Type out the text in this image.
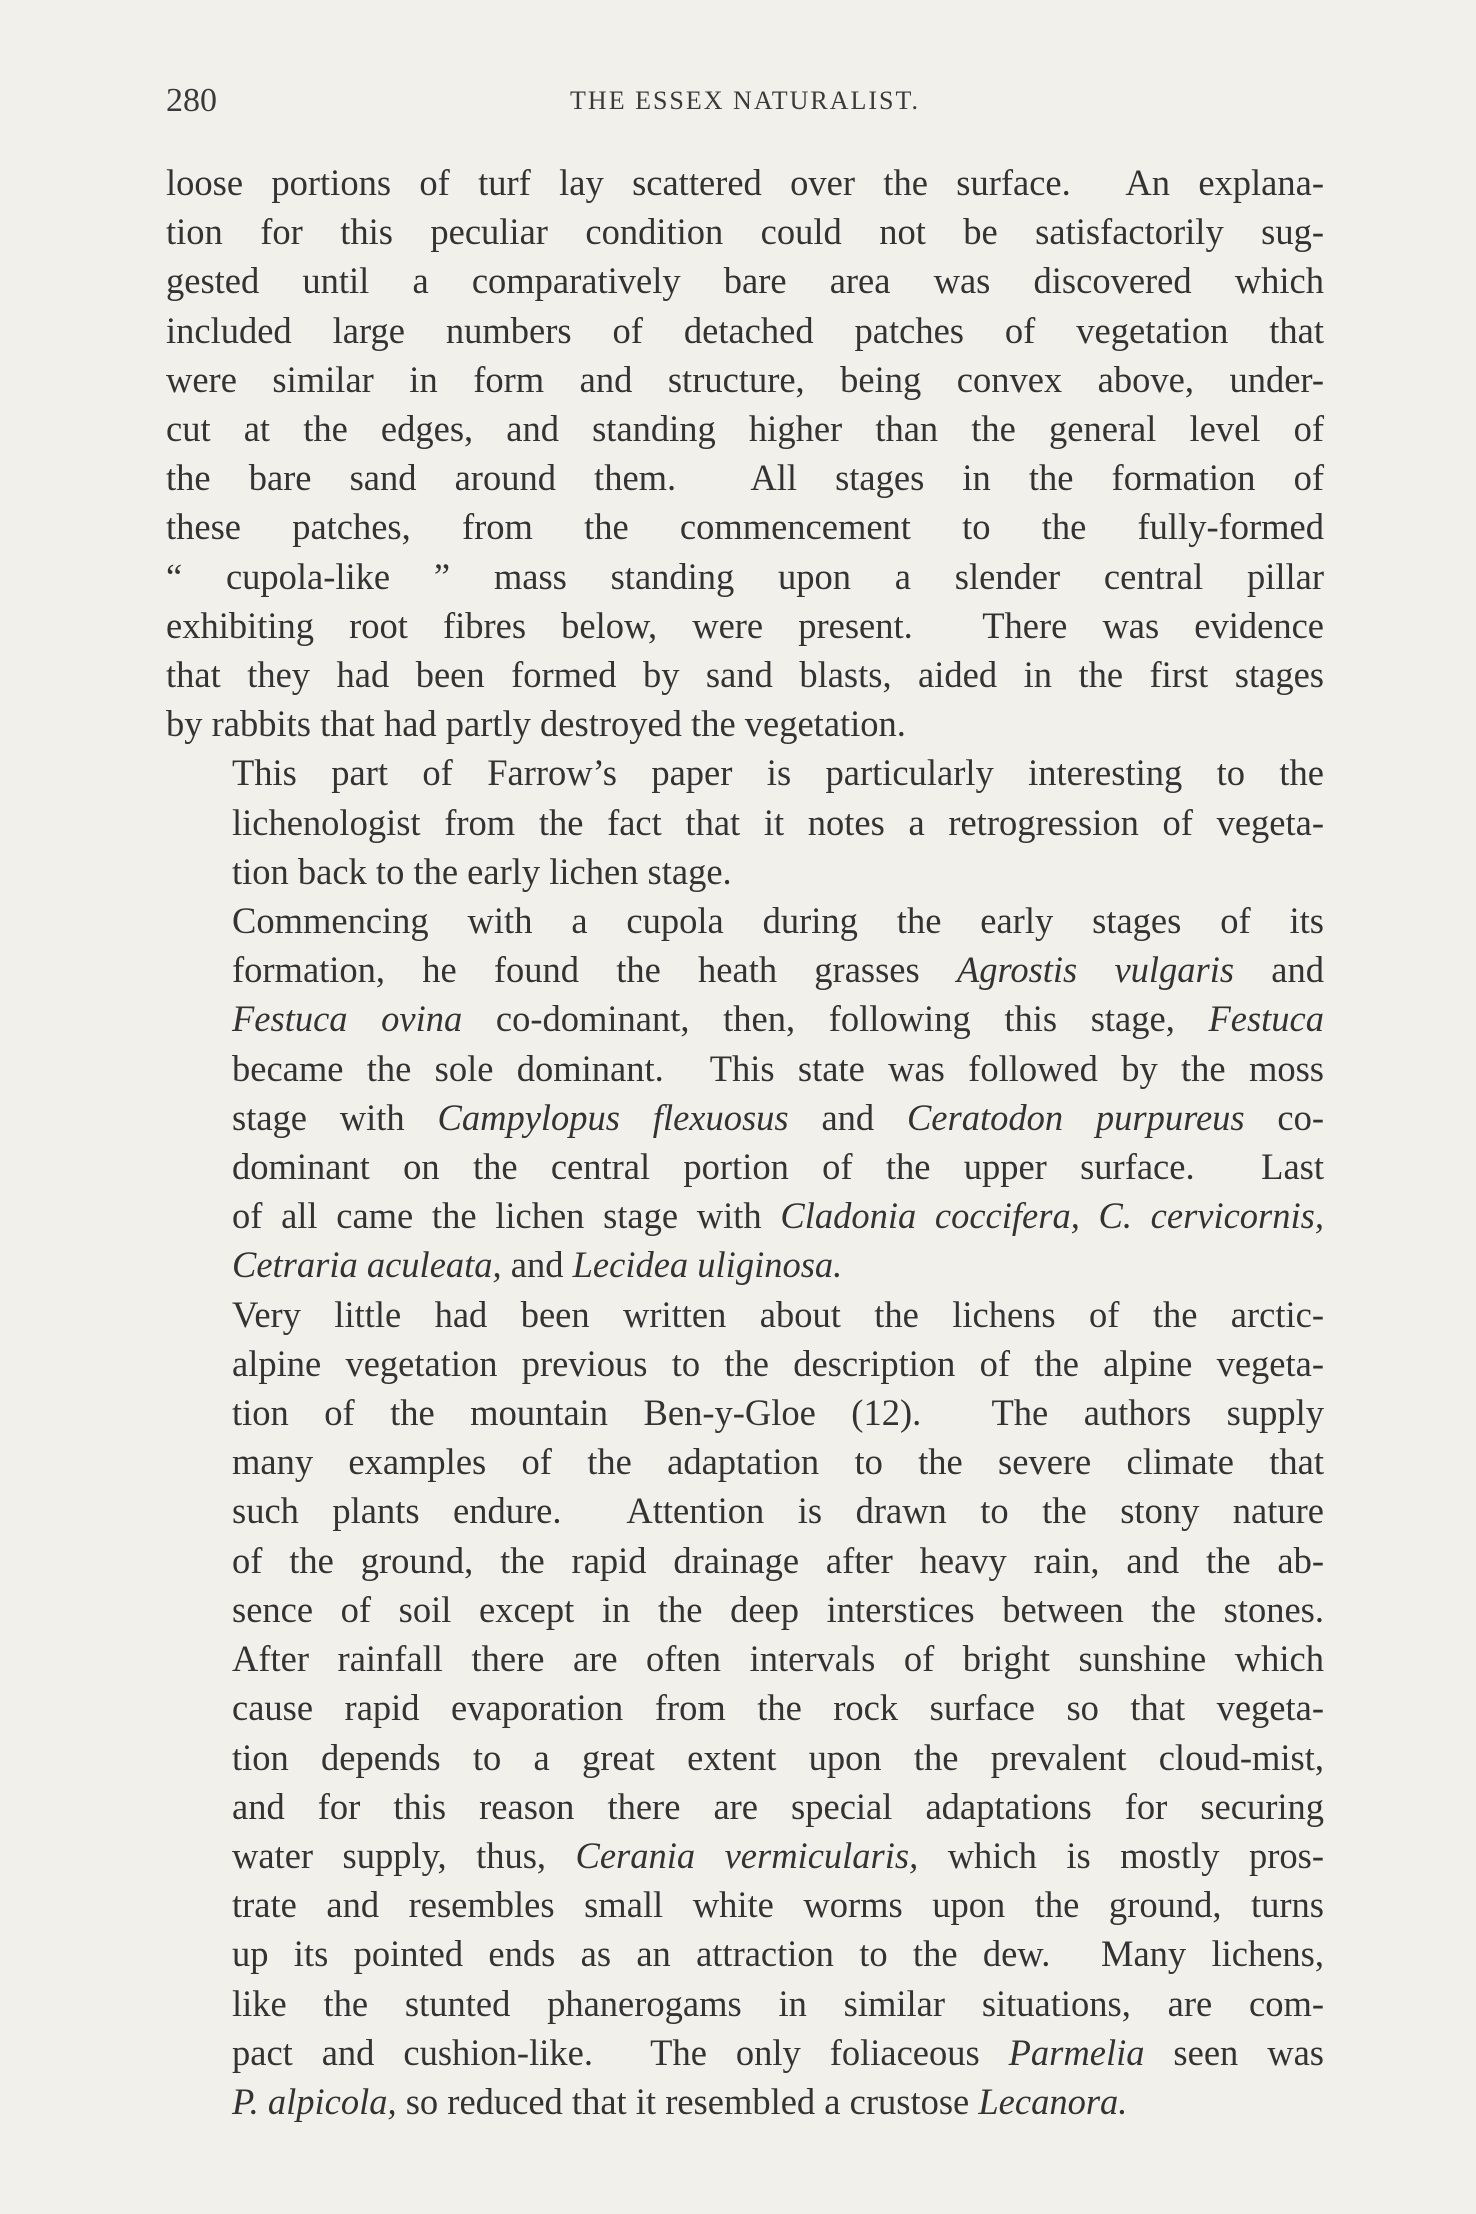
280	THE ESSEX NATURALIST.

loose portions of turf lay scattered over the surface.  An explana-
tion for this peculiar condition could not be satisfactorily sug-
gested until a comparatively bare area was discovered which
included large numbers of detached patches of vegetation that
were similar in form and structure, being convex above, under-
cut at the edges, and standing higher than the general level of
the bare sand around them.  All stages in the formation of
these patches, from the commencement to the fully-formed
“ cupola-like ” mass standing upon a slender central pillar
exhibiting root fibres below, were present.  There was evidence
that they had been formed by sand blasts, aided in the first stages
by rabbits that had partly destroyed the vegetation.

This part of Farrow’s paper is particularly interesting to the
lichenologist from the fact that it notes a retrogression of vegeta-
tion back to the early lichen stage.

Commencing with a cupola during the early stages of its
formation, he found the heath grasses Agrostis vulgaris and
Festuca ovina co-dominant, then, following this stage, Festuca
became the sole dominant.  This state was followed by the moss
stage with Campylopus flexuosus and Ceratodon purpureus co-
dominant on the central portion of the upper surface.  Last
of all came the lichen stage with Cladonia coccifera, C. cervicornis,
Cetraria aculeata, and Lecidea uliginosa.

Very little had been written about the lichens of the arctic-
alpine vegetation previous to the description of the alpine vegeta-
tion of the mountain Ben-y-Gloe (12).  The authors supply
many examples of the adaptation to the severe climate that
such plants endure.  Attention is drawn to the stony nature
of the ground, the rapid drainage after heavy rain, and the ab-
sence of soil except in the deep interstices between the stones.
After rainfall there are often intervals of bright sunshine which
cause rapid evaporation from the rock surface so that vegeta-
tion depends to a great extent upon the prevalent cloud-mist,
and for this reason there are special adaptations for securing
water supply, thus, Cerania vermicularis, which is mostly pros-
trate and resembles small white worms upon the ground, turns
up its pointed ends as an attraction to the dew.  Many lichens,
like the stunted phanerogams in similar situations, are com-
pact and cushion-like.  The only foliaceous Parmelia seen was
P. alpicola, so reduced that it resembled a crustose Lecanora.
